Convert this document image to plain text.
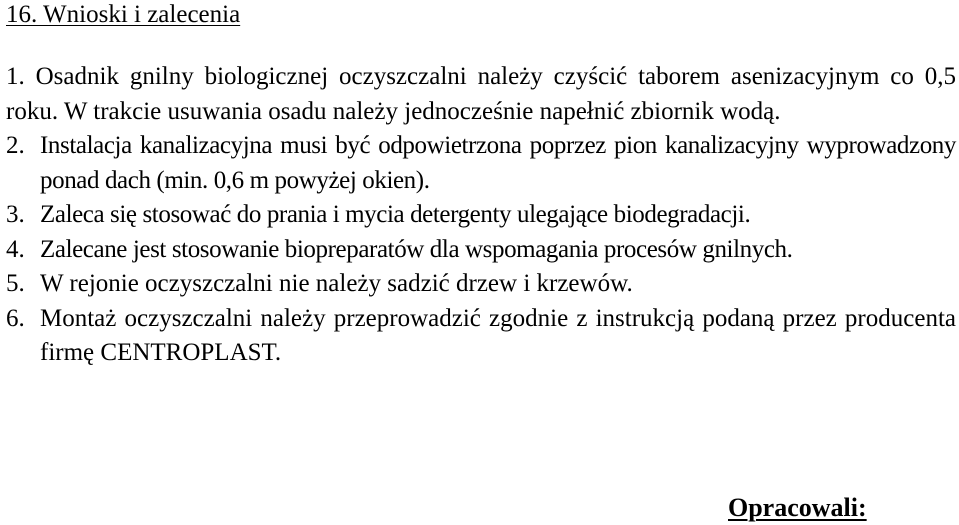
16. Wnioski i zalecenia
1. Osadnik gnilny biologicznej oczyszczalni należy czyścić taborem asenizacyjnym co 0,5 roku. W trakcie usuwania osadu należy jednocześnie napełnić zbiornik wodą.
2. Instalacja kanalizacyjna musi być odpowietrzona poprzez pion kanalizacyjny wyprowadzony ponad dach (min. 0,6 m powyżej okien).
3. Zaleca się stosować do prania i mycia detergenty ulegające biodegradacji.
4. Zalecane jest stosowanie biopreparatów dla wspomagania procesów gnilnych.
5. W rejonie oczyszczalni nie należy sadzić drzew i krzewów.
6. Montaż oczyszczalni należy przeprowadzić zgodnie z instrukcją podaną przez producenta firmę CENTROPLAST.
Opracowali:
